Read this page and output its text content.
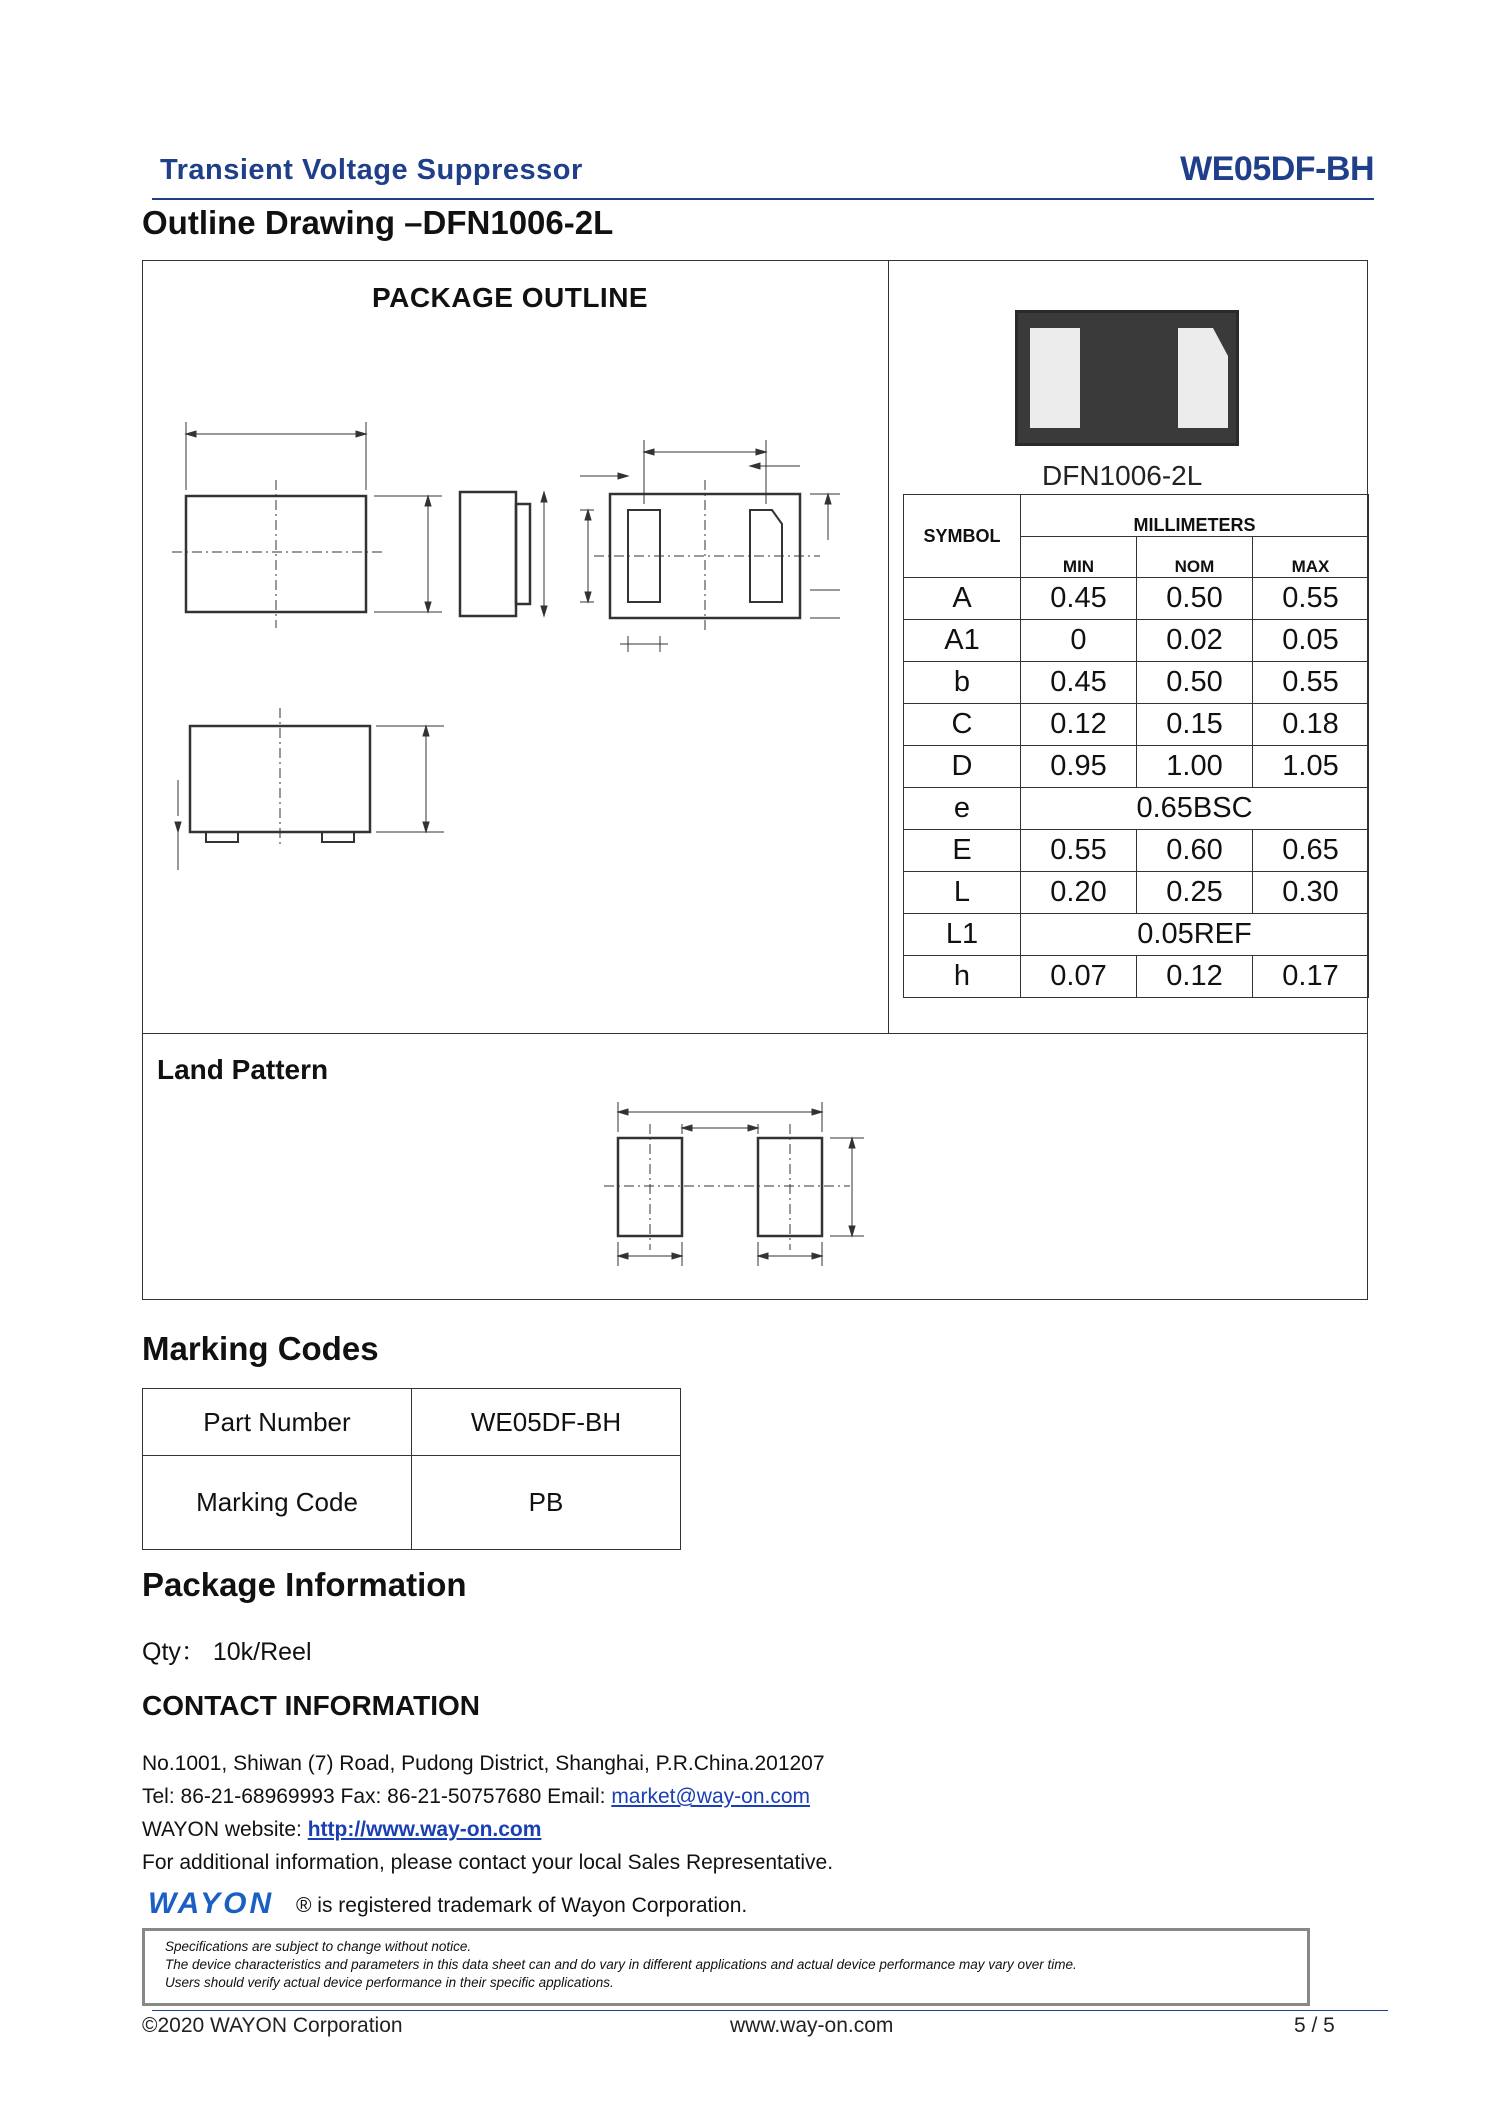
Transient Voltage Suppressor	WE05DF-BH
Outline Drawing –DFN1006-2L
PACKAGE OUTLINE
DFN1006-2L
SYMBOL	MILLIMETERS		
	MIN	NOM	MAX
A	0.45	0.50	0.55
A1	0	0.02	0.05
b	0.45	0.50	0.55
C	0.12	0.15	0.18
D	0.95	1.00	1.05
e	0.65BSC		
E	0.55	0.60	0.65
L	0.20	0.25	0.30
L1	0.05REF		
h	0.07	0.12	0.17
Land Pattern
Marking Codes
Part Number	WE05DF-BH
Marking Code	PB
Package Information
Qty： 10k/Reel
CONTACT INFORMATION
No.1001, Shiwan (7) Road, Pudong District, Shanghai, P.R.China.201207
Tel: 86-21-68969993 Fax: 86-21-50757680 Email: market@way-on.com
WAYON website: http://www.way-on.com
For additional information, please contact your local Sales Representative.
WAYON ® is registered trademark of Wayon Corporation.
Specifications are subject to change without notice.
The device characteristics and parameters in this data sheet can and do vary in different applications and actual device performance may vary over time.
Users should verify actual device performance in their specific applications.
©2020 WAYON Corporation	www.way-on.com	5 / 5
